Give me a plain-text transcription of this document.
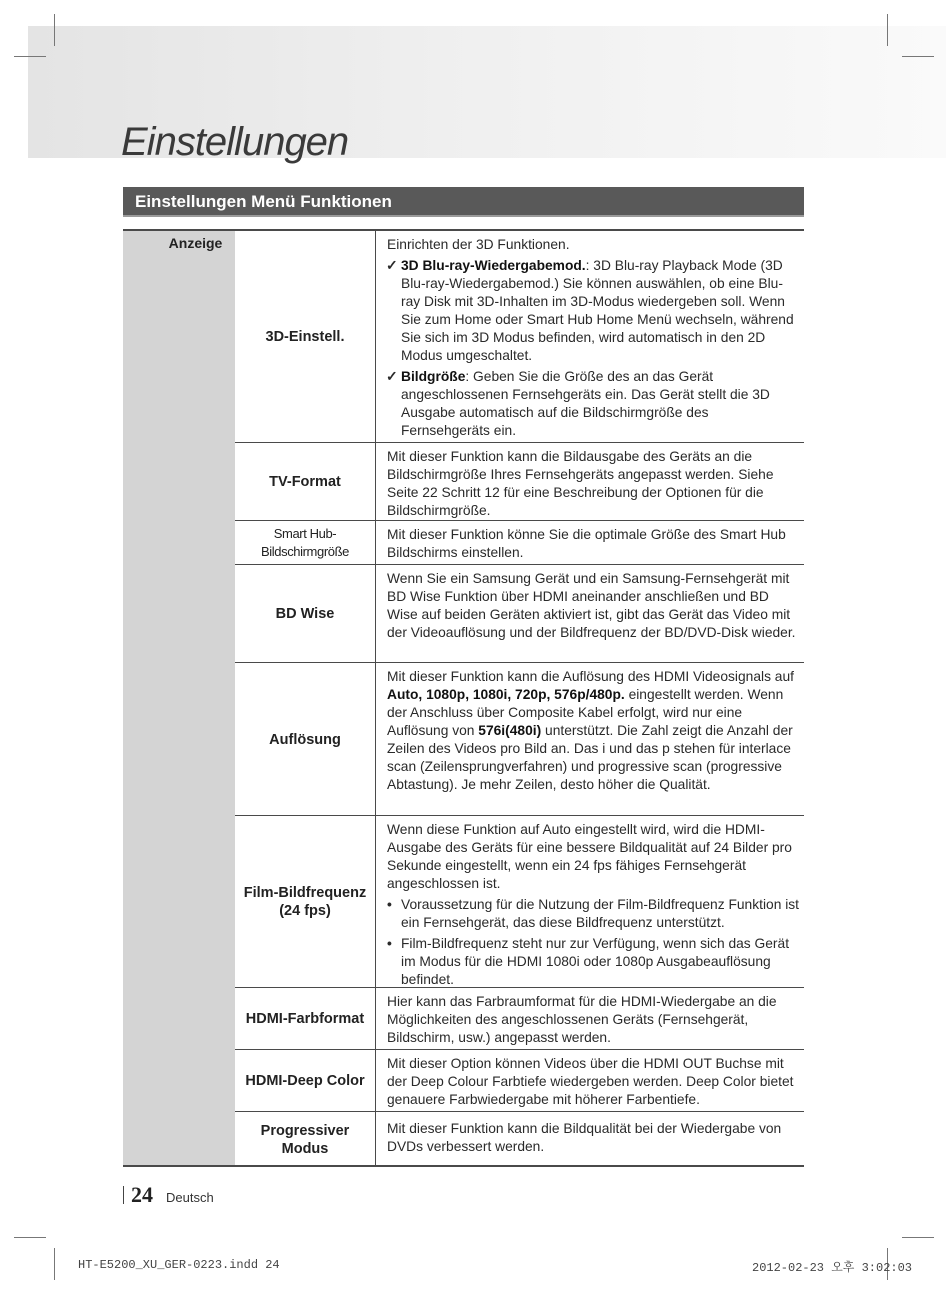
Einstellungen
Einstellungen Menü Funktionen
Anzeige
3D-Einstell.

Einrichten der 3D Funktionen.

✓ 3D Blu-ray-Wiedergabemod.: 3D Blu-ray Playback Mode (3D Blu-ray-Wiedergabemod.) Sie können auswählen, ob eine Blu-ray Disk mit 3D-Inhalten im 3D-Modus wiedergeben soll. Wenn Sie zum Home oder Smart Hub Home Menü wechseln, während Sie sich im 3D Modus befinden, wird automatisch in den 2D Modus umgeschaltet.
✓ Bildgröße: Geben Sie die Größe des an das Gerät angeschlossenen Fernsehgeräts ein. Das Gerät stellt die 3D Ausgabe automatisch auf die Bildschirmgröße des Fernsehgeräts ein.
TV-Format
Mit dieser Funktion kann die Bildausgabe des Geräts an die Bildschirmgröße Ihres Fernsehgeräts angepasst werden. Siehe Seite 22 Schritt 12 für eine Beschreibung der Optionen für die Bildschirmgröße.
Smart Hub-Bildschirmgröße
Mit dieser Funktion könne Sie die optimale Größe des Smart Hub Bildschirms einstellen.
BD Wise
Wenn Sie ein Samsung Gerät und ein Samsung-Fernsehgerät mit BD Wise Funktion über HDMI aneinander anschließen und BD Wise auf beiden Geräten aktiviert ist, gibt das Gerät das Video mit der Videoauflösung und der Bildfrequenz der BD/DVD-Disk wieder.
Auflösung
Mit dieser Funktion kann die Auflösung des HDMI Videosignals auf Auto, 1080p, 1080i, 720p, 576p/480p. eingestellt werden. Wenn der Anschluss über Composite Kabel erfolgt, wird nur eine Auflösung von 576i(480i) unterstützt. Die Zahl zeigt die Anzahl der Zeilen des Videos pro Bild an. Das i und das p stehen für interlace scan (Zeilensprungverfahren) und progressive scan (progressive Abtastung). Je mehr Zeilen, desto höher die Qualität.
Film-Bildfrequenz (24 fps)

Wenn diese Funktion auf Auto eingestellt wird, wird die HDMI-Ausgabe des Geräts für eine bessere Bildqualität auf 24 Bilder pro Sekunde eingestellt, wenn ein 24 fps fähiges Fernsehgerät angeschlossen ist.

• Voraussetzung für die Nutzung der Film-Bildfrequenz Funktion ist ein Fernsehgerät, das diese Bildfrequenz unterstützt.
• Film-Bildfrequenz steht nur zur Verfügung, wenn sich das Gerät im Modus für die HDMI 1080i oder 1080p Ausgabeauflösung befindet.
HDMI-Farbformat
Hier kann das Farbraumformat für die HDMI-Wiedergabe an die Möglichkeiten des angeschlossenen Geräts (Fernsehgerät, Bildschirm, usw.) angepasst werden.
HDMI-Deep Color
Mit dieser Option können Videos über die HDMI OUT Buchse mit der Deep Colour Farbtiefe wiedergeben werden. Deep Color bietet genauere Farbwiedergabe mit höherer Farbentiefe.
Progressiver Modus
Mit dieser Funktion kann die Bildqualität bei der Wiedergabe von DVDs verbessert werden.
24 Deutsch
HT-E5200_XU_GER-0223.indd 24	2012-02-23 오후 3:02:03
